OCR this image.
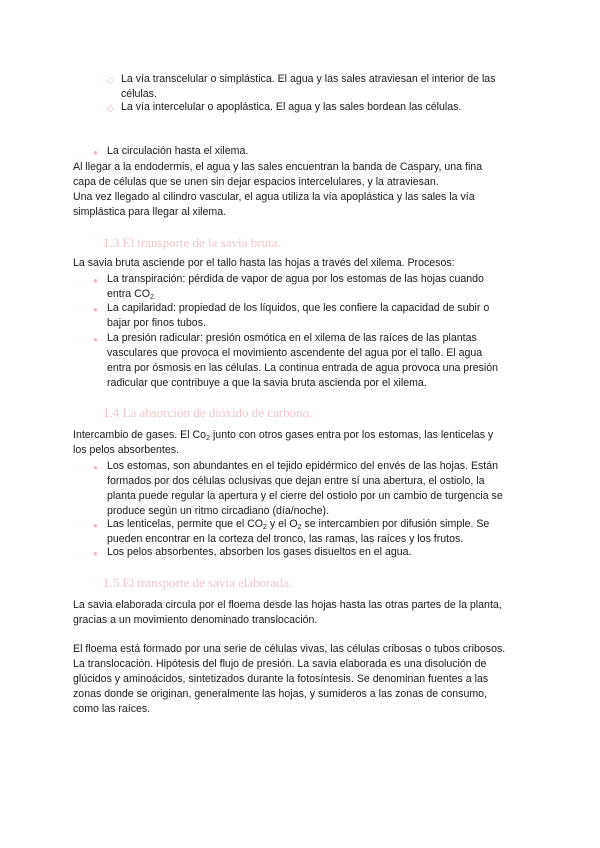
◇ La vía transcelular o simplástica. El agua y las sales atraviesan el interior de las
células.
◇ La vía intercelular o apoplástica. El agua y las sales bordean las células.
● La circulación hasta el xilema.
Al llegar a la endodermis, el agua y las sales encuentran la banda de Caspary, una fina
capa de células que se unen sin dejar espacios intercelulares, y la atraviesan.
Una vez llegado al cilindro vascular, el agua utiliza la vía apoplástica y las sales la vía
simplástica para llegar al xilema.
1.3 El transporte de la savia bruta.
La savia bruta asciende por el tallo hasta las hojas a través del xilema. Procesos:
● La transpiración: pérdida de vapor de agua por los estomas de las hojas cuando
entra $CO_{2.}$
● La capilaridad: propiedad de los líquidos, que les confiere la capacidad de subir o
bajar por finos tubos.
● La presión radicular: presión osmótica en el xilema de las raíces de las plantas
vasculares que provoca el movimiento ascendente del agua por el tallo. El agua
entra por ósmosis en las células. La continua entrada de agua provoca una presión
radicular que contribuye a que la savia bruta ascienda por el xilema.
1.4 La absorción de dióxido de carbono.
Intercambio de gases. El $Co_2$ junto con otros gases entra por los estomas, las lenticelas y
los pelos absorbentes.
● Los estomas, son abundantes en el tejido epidérmico del envés de las hojas. Están
formados por dos células oclusivas que dejan entre sí una abertura, el ostiolo, la
planta puede regular la apertura y el cierre del ostiolo por un cambio de turgencia se
produce según un ritmo circadiano (día/noche).
● Las lenticelas, permite que el $CO_2$ y el $O_2$ se intercambien por difusión simple. Se
pueden encontrar en la corteza del tronco, las ramas, las raíces y los frutos.
● Los pelos absorbentes, absorben los gases disueltos en el agua.
1.5 El transporte de savia elaborada.
La savia elaborada circula por el floema desde las hojas hasta las otras partes de la planta,
gracias a un movimiento denominado translocación.
El floema está formado por una serie de células vivas, las células cribosas o tubos cribosos.
La translocación. Hipótesis del flujo de presión. La savia elaborada es una disolución de
glúcidos y aminoácidos, sintetizados durante la fotosíntesis. Se denominan fuentes a las
zonas donde se originan, generalmente las hojas, y sumideros a las zonas de consumo,
como las raíces.
